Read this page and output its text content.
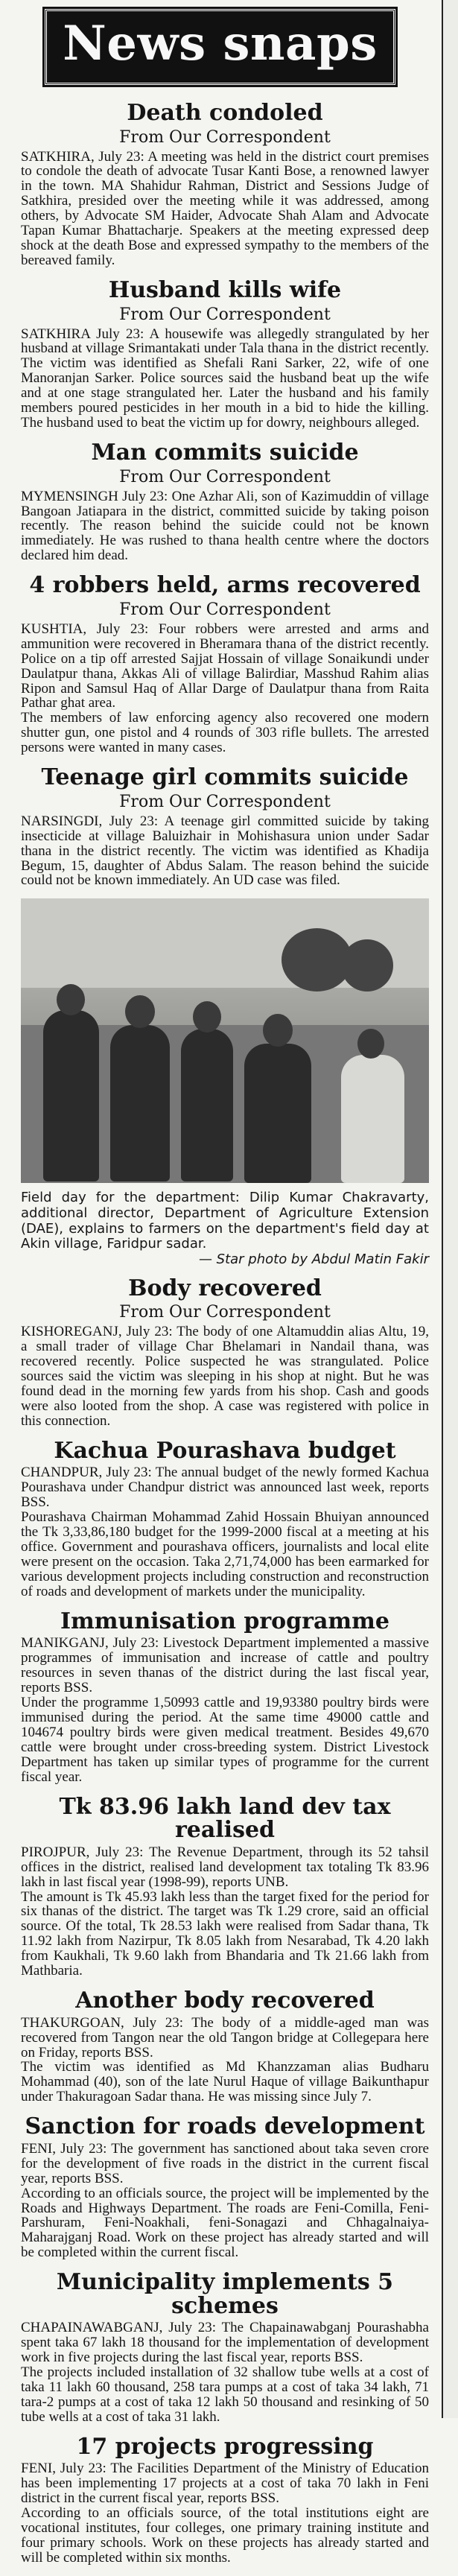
News snaps
Death condoled
From Our Correspondent

SATKHIRA, July 23: A meeting was held in the district court premises to condole the death of advocate Tusar Kanti Bose, a renowned lawyer in the town. MA Shahidur Rahman, District and Sessions Judge of Satkhira, presided over the meeting while it was addressed, among others, by Advocate SM Haider, Advocate Shah Alam and Advocate Tapan Kumar Bhattacharje. Speakers at the meeting expressed deep shock at the death Bose and expressed sympathy to the members of the bereaved family.

Husband kills wife
From Our Correspondent

SATKHIRA July 23: A housewife was allegedly strangulated by her husband at village Srimantakati under Tala thana in the district recently. The victim was identified as Shefali Rani Sarker, 22, wife of one Manoranjan Sarker. Police sources said the husband beat up the wife and at one stage strangulated her. Later the husband and his family members poured pesticides in her mouth in a bid to hide the killing. The husband used to beat the victim up for dowry, neighbours alleged.

Man commits suicide
From Our Correspondent

MYMENSINGH July 23: One Azhar Ali, son of Kazimuddin of village Bangoan Jatiapara in the district, committed suicide by taking poison recently. The reason behind the suicide could not be known immediately. He was rushed to thana health centre where the doctors declared him dead.

4 robbers held, arms recovered
From Our Correspondent

KUSHTIA, July 23: Four robbers were arrested and arms and ammunition were recovered in Bheramara thana of the district recently. Police on a tip off arrested Sajjat Hossain of village Sonaikundi under Daulatpur thana, Akkas Ali of village Balirdiar, Masshud Rahim alias Ripon and Samsul Haq of Allar Darge of Daulatpur thana from Raita Pathar ghat area.

The members of law enforcing agency also recovered one modern shutter gun, one pistol and 4 rounds of 303 rifle bullets. The arrested persons were wanted in many cases.

Teenage girl commits suicide
From Our Correspondent

NARSINGDI, July 23: A teenage girl committed suicide by taking insecticide at village Baluizhair in Mohishasura union under Sadar thana in the district recently. The victim was identified as Khadija Begum, 15, daughter of Abdus Salam. The reason behind the suicide could not be known immediately. An UD case was filed.

Field day for the department: Dilip Kumar Chakravarty, additional director, Department of Agriculture Extension (DAE), explains to farmers on the department's field day at Akin village, Faridpur sadar.
— Star photo by Abdul Matin Fakir
Body recovered
From Our Correspondent

KISHOREGANJ, July 23: The body of one Altamuddin alias Altu, 19, a small trader of village Char Bhelamari in Nandail thana, was recovered recently. Police suspected he was strangulated. Police sources said the victim was sleeping in his shop at night. But he was found dead in the morning few yards from his shop. Cash and goods were also looted from the shop. A case was registered with police in this connection.

Kachua Pourashava budget

CHANDPUR, July 23: The annual budget of the newly formed Kachua Pourashava under Chandpur district was announced last week, reports BSS.

Pourashava Chairman Mohammad Zahid Hossain Bhuiyan announced the Tk 3,33,86,180 budget for the 1999-2000 fiscal at a meeting at his office. Government and pourashava officers, journalists and local elite were present on the occasion. Taka 2,71,74,000 has been earmarked for various development projects including construction and reconstruction of roads and development of markets under the municipality.

Immunisation programme

MANIKGANJ, July 23: Livestock Department implemented a massive programmes of immunisation and increase of cattle and poultry resources in seven thanas of the district during the last fiscal year, reports BSS.

Under the programme 1,50993 cattle and 19,93380 poultry birds were immunised during the period. At the same time 49000 cattle and 104674 poultry birds were given medical treatment. Besides 49,670 cattle were brought under cross-breeding system. District Livestock Department has taken up similar types of programme for the current fiscal year.

Tk 83.96 lakh land dev tax realised

PIROJPUR, July 23: The Revenue Department, through its 52 tahsil offices in the district, realised land development tax totaling Tk 83.96 lakh in last fiscal year (1998-99), reports UNB.

The amount is Tk 45.93 lakh less than the target fixed for the period for six thanas of the district. The target was Tk 1.29 crore, said an official source. Of the total, Tk 28.53 lakh were realised from Sadar thana, Tk 11.92 lakh from Nazirpur, Tk 8.05 lakh from Nesarabad, Tk 4.20 lakh from Kaukhali, Tk 9.60 lakh from Bhandaria and Tk 21.66 lakh from Mathbaria.

Another body recovered

THAKURGOAN, July 23: The body of a middle-aged man was recovered from Tangon near the old Tangon bridge at Collegepara here on Friday, reports BSS.

The victim was identified as Md Khanzzaman alias Budharu Mohammad (40), son of the late Nurul Haque of village Baikunthapur under Thakuragoan Sadar thana. He was missing since July 7.

Sanction for roads development

FENI, July 23: The government has sanctioned about taka seven crore for the development of five roads in the district in the current fiscal year, reports BSS.

According to an officials source, the project will be implemented by the Roads and Highways Department. The roads are Feni-Comilla, Feni-Parshuram, Feni-Noakhali, feni-Sonagazi and Chhagalnaiya-Maharajganj Road. Work on these project has already started and will be completed within the current fiscal.

Municipality implements 5 schemes

CHAPAINAWABGANJ, July 23: The Chapainawabganj Pourashabha spent taka 67 lakh 18 thousand for the implementation of development work in five projects during the last fiscal year, reports BSS.

The projects included installation of 32 shallow tube wells at a cost of taka 11 lakh 60 thousand, 258 tara pumps at a cost of taka 34 lakh, 71 tara-2 pumps at a cost of taka 12 lakh 50 thousand and resinking of 50 tube wells at a cost of taka 31 lakh.

17 projects progressing

FENI, July 23: The Facilities Department of the Ministry of Education has been implementing 17 projects at a cost of taka 70 lakh in Feni district in the current fiscal year, reports BSS.

According to an officials source, of the total institutions eight are vocational institutes, four colleges, one primary training institute and four primary schools. Work on these projects has already started and will be completed within six months.
